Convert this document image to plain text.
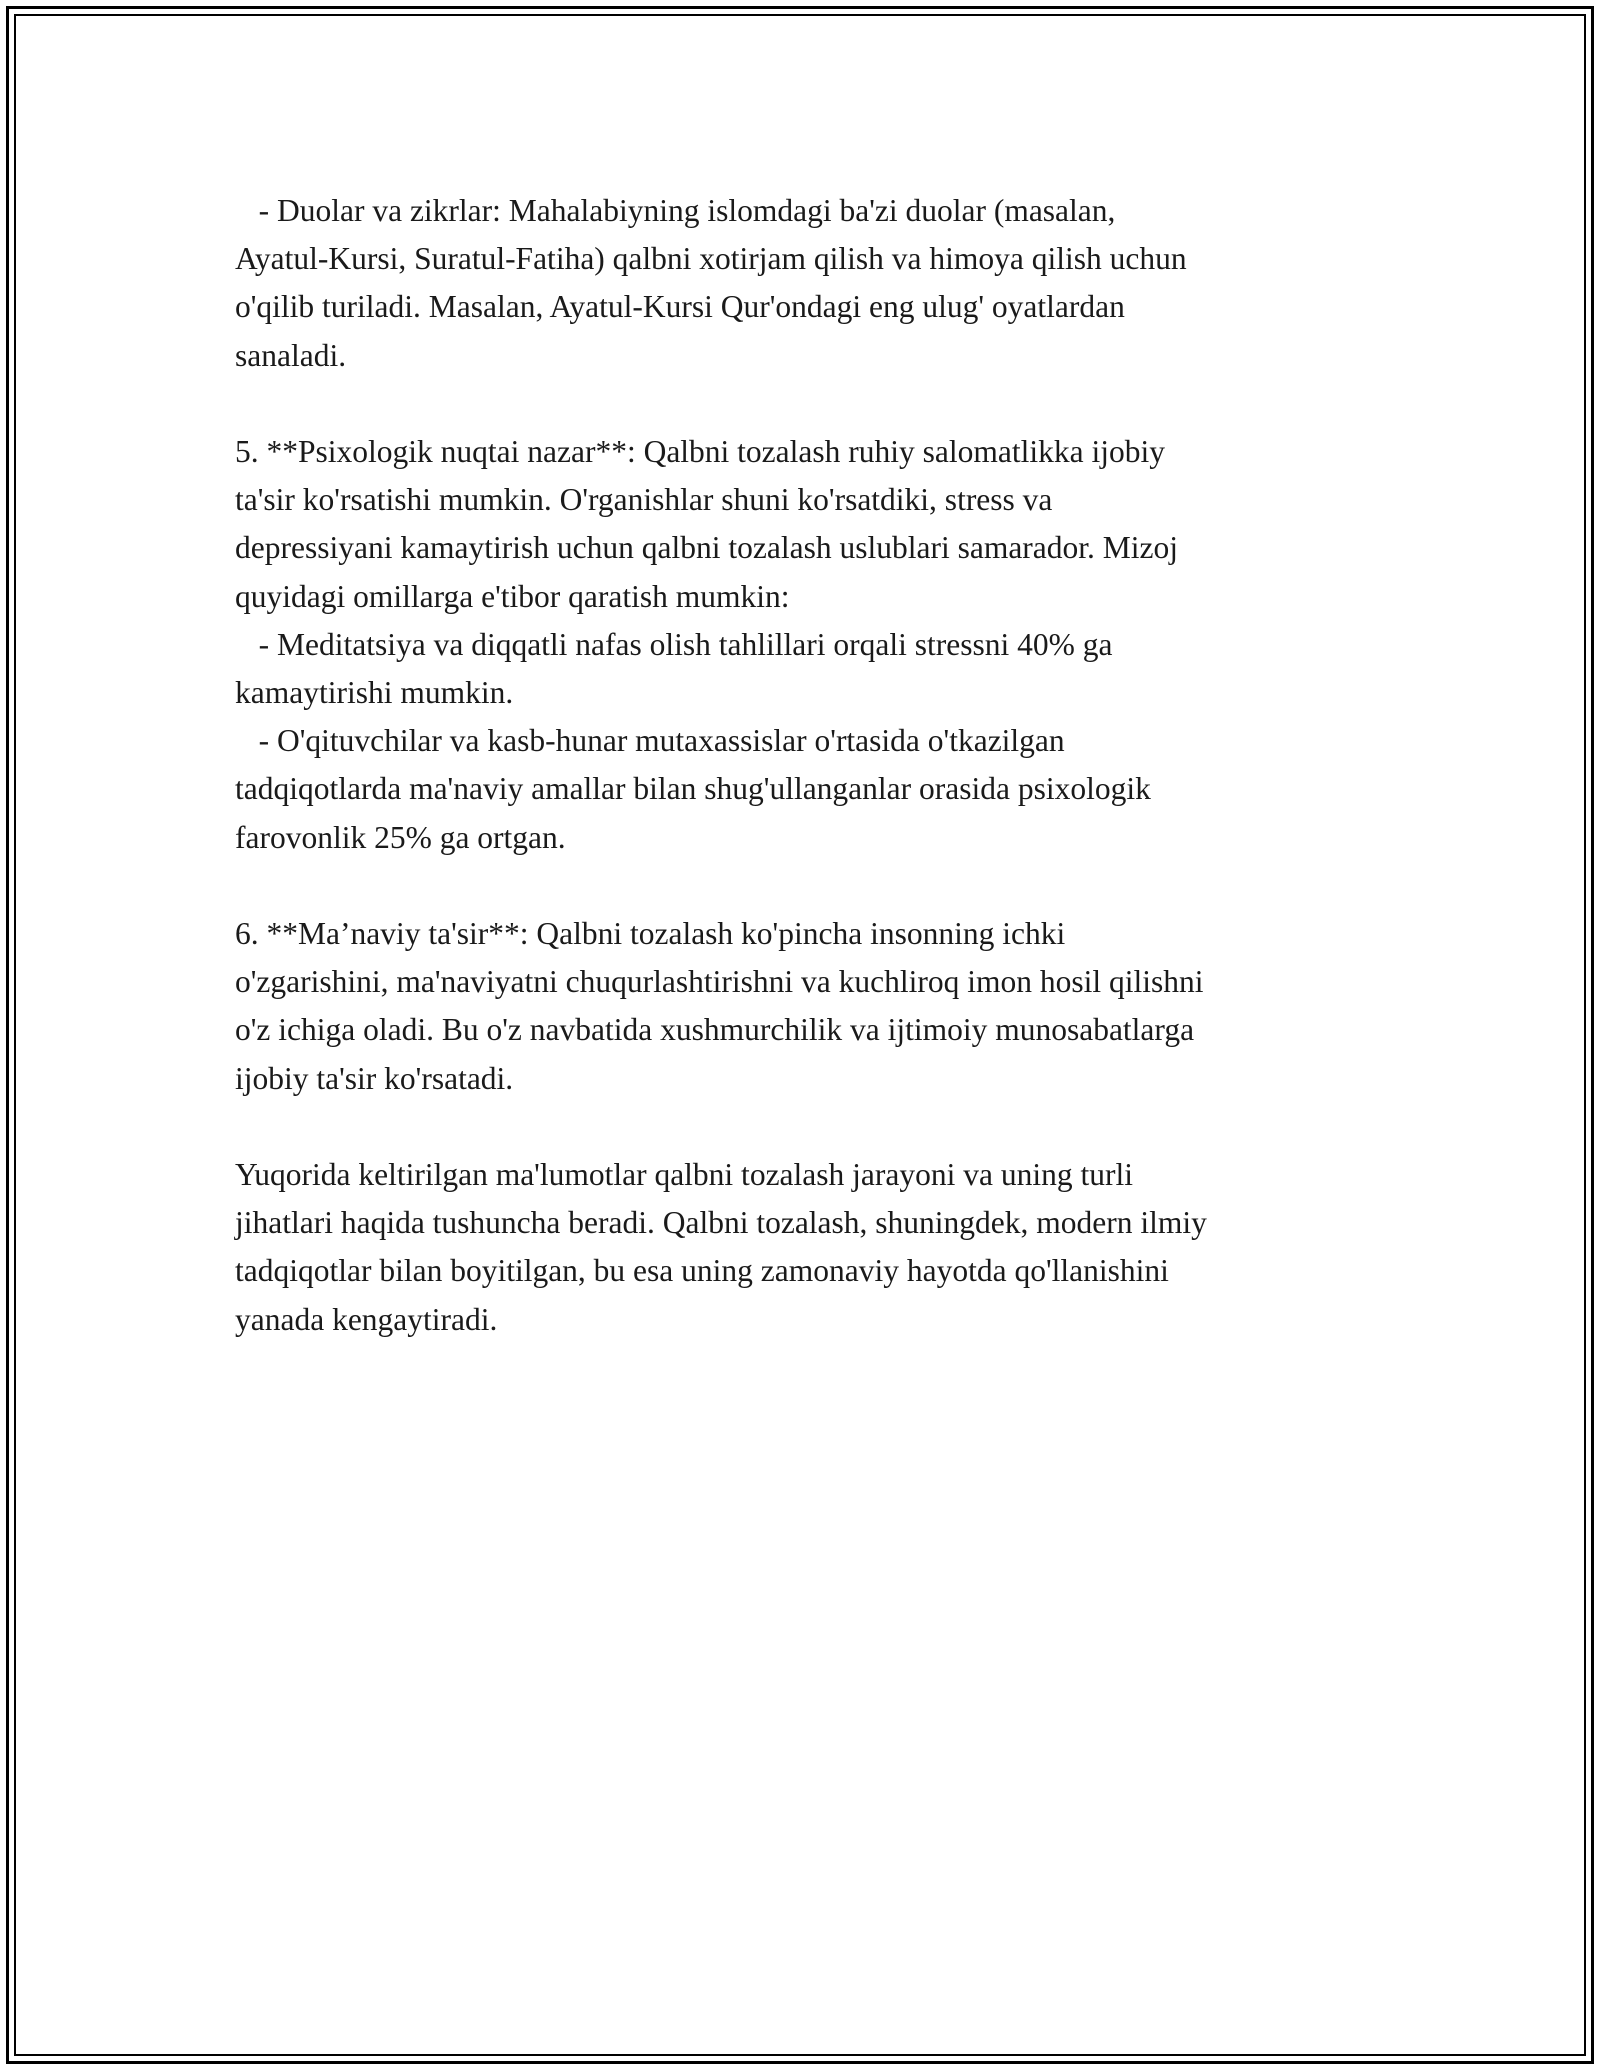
- Duolar va zikrlar: Mahalabiyning islomdagi ba'zi duolar (masalan,
Ayatul-Kursi, Suratul-Fatiha) qalbni xotirjam qilish va himoya qilish uchun
o'qilib turiladi. Masalan, Ayatul-Kursi Qur'ondagi eng ulug' oyatlardan
sanaladi.
5. **Psixologik nuqtai nazar**: Qalbni tozalash ruhiy salomatlikka ijobiy
ta'sir ko'rsatishi mumkin. O'rganishlar shuni ko'rsatdiki, stress va
depressiyani kamaytirish uchun qalbni tozalash uslublari samarador. Mizoj
quyidagi omillarga e'tibor qaratish mumkin:
- Meditatsiya va diqqatli nafas olish tahlillari orqali stressni 40% ga
kamaytirishi mumkin.
- O'qituvchilar va kasb-hunar mutaxassislar o'rtasida o'tkazilgan
tadqiqotlarda ma'naviy amallar bilan shug'ullanganlar orasida psixologik
farovonlik 25% ga ortgan.
6. **Ma’naviy ta'sir**: Qalbni tozalash ko'pincha insonning ichki
o'zgarishini, ma'naviyatni chuqurlashtirishni va kuchliroq imon hosil qilishni
o'z ichiga oladi. Bu o'z navbatida xushmurchilik va ijtimoiy munosabatlarga
ijobiy ta'sir ko'rsatadi.
Yuqorida keltirilgan ma'lumotlar qalbni tozalash jarayoni va uning turli
jihatlari haqida tushuncha beradi. Qalbni tozalash, shuningdek, modern ilmiy
tadqiqotlar bilan boyitilgan, bu esa uning zamonaviy hayotda qo'llanishini
yanada kengaytiradi.
